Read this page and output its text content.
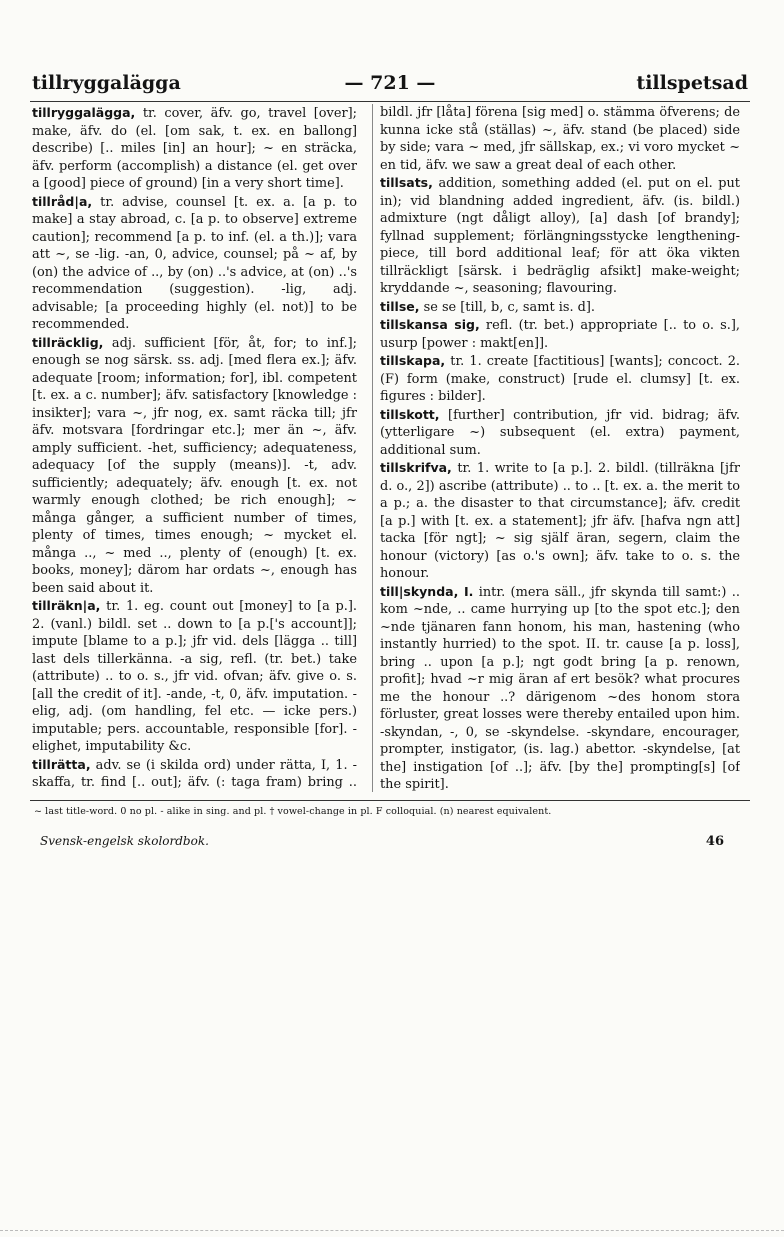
tillryggalägga	— 721 —	tillspetsad
tillryggalägga, tr. cover, äfv. go, travel [over]; make, äfv. do (el. [om sak, t. ex. en ballong] describe) [.. miles [in] an hour]; ~ en sträcka, äfv. perform (accomplish) a distance (el. get over a [good] piece of ground) [in a very short time].
tillråd|a, tr. advise, counsel [t. ex. a. [a p. to make] a stay abroad, c. [a p. to observe] extreme caution]; recommend [a p. to inf. (el. a th.)]; vara att ~, se -lig. -an, 0, advice, counsel; på ~ af, by (on) the advice of .., by (on) ..'s advice, at (on) ..'s recommendation (suggestion). -lig, adj. advisable; [a proceeding highly (el. not)] to be recommended.
tillräcklig, adj. sufficient [för, åt, for; to inf.]; enough se nog särsk. ss. adj. [med flera ex.]; äfv. adequate [room; information; for], ibl. competent [t. ex. a c. number]; äfv. satisfactory [knowledge : insikter]; vara ~, jfr nog, ex. samt räcka till; jfr äfv. motsvara [fordringar etc.]; mer än ~, äfv. amply sufficient. -het, sufficiency; adequateness, adequacy [of the supply (means)]. -t, adv. sufficiently; adequately; äfv. enough [t. ex. not warmly enough clothed; be rich enough]; ~ många gånger, a sufficient number of times, plenty of times, times enough; ~ mycket el. många .., ~ med .., plenty of (enough) [t. ex. books, money]; därom har ordats ~, enough has been said about it.
tillräkn|a, tr. 1. eg. count out [money] to [a p.]. 2. (vanl.) bildl. set .. down to [a p.['s account]]; impute [blame to a p.]; jfr vid. dels [lägga .. till] last dels tillerkänna. -a sig, refl. (tr. bet.) take (attribute) .. to o. s., jfr vid. ofvan; äfv. give o. s. [all the credit of it]. -ande, -t, 0, äfv. imputation. -elig, adj. (om handling, fel etc. — icke pers.) imputable; pers. accountable, responsible [for]. -elighet, imputability &c.
tillrätta, adv. se (i skilda ord) under rätta, I, 1. -skaffa, tr. find [.. out]; äfv. (: taga fram) bring ..
bildl. jfr [låta] förena [sig med] o. stämma öfverens; de kunna icke stå (ställas) ~, äfv. stand (be placed) side by side; vara ~ med, jfr sällskap, ex.; vi voro mycket ~ en tid, äfv. we saw a great deal of each other.
tillsats, addition, something added (el. put on el. put in); vid blandning added ingredient, äfv. (is. bildl.) admixture (ngt dåligt alloy), [a] dash [of brandy]; fyllnad supplement; förlängningsstycke lengthening-piece, till bord additional leaf; för att öka vikten tillräckligt [särsk. i bedräglig afsikt] make-weight; kryddande ~, seasoning; flavouring.
tillse, se se [till, b, c, samt is. d].
tillskansa sig, refl. (tr. bet.) appropriate [.. to o. s.], usurp [power : makt[en]].
tillskapa, tr. 1. create [factitious] [wants]; concoct. 2. (F) form (make, construct) [rude el. clumsy] [t. ex. figures : bilder].
tillskott, [further] contribution, jfr vid. bidrag; äfv. (ytterligare ~) subsequent (el. extra) payment, additional sum.
tillskrifva, tr. 1. write to [a p.]. 2. bildl. (tillräkna [jfr d. o., 2]) ascribe (attribute) .. to .. [t. ex. a. the merit to a p.; a. the disaster to that circumstance]; äfv. credit [a p.] with [t. ex. a statement]; jfr äfv. [hafva ngn att] tacka [för ngt]; ~ sig själf äran, segern, claim the honour (victory) [as o.'s own]; äfv. take to o. s. the honour.
till|skynda, I. intr. (mera säll., jfr skynda till samt:) .. kom ~nde, .. came hurrying up [to the spot etc.]; den ~nde tjänaren fann honom, his man, hastening (who instantly hurried) to the spot. II. tr. cause [a p. loss], bring .. upon [a p.]; ngt godt bring [a p. renown, profit]; hvad ~r mig äran af ert besök? what procures me the honour ..? därigenom ~des honom stora förluster, great losses were thereby entailed upon him. -skyndan, -, 0, se -skyndelse. -skyndare, encourager, prompter, instigator, (is. lag.) abettor. -skyndelse, [at the] instigation [of ..]; äfv. [by the] prompting[s] [of the spirit].
~ last title-word. 0 no pl. - alike in sing. and pl. † vowel-change in pl. F colloquial. (n) nearest equivalent.
Svensk-engelsk skolordbok.	46
